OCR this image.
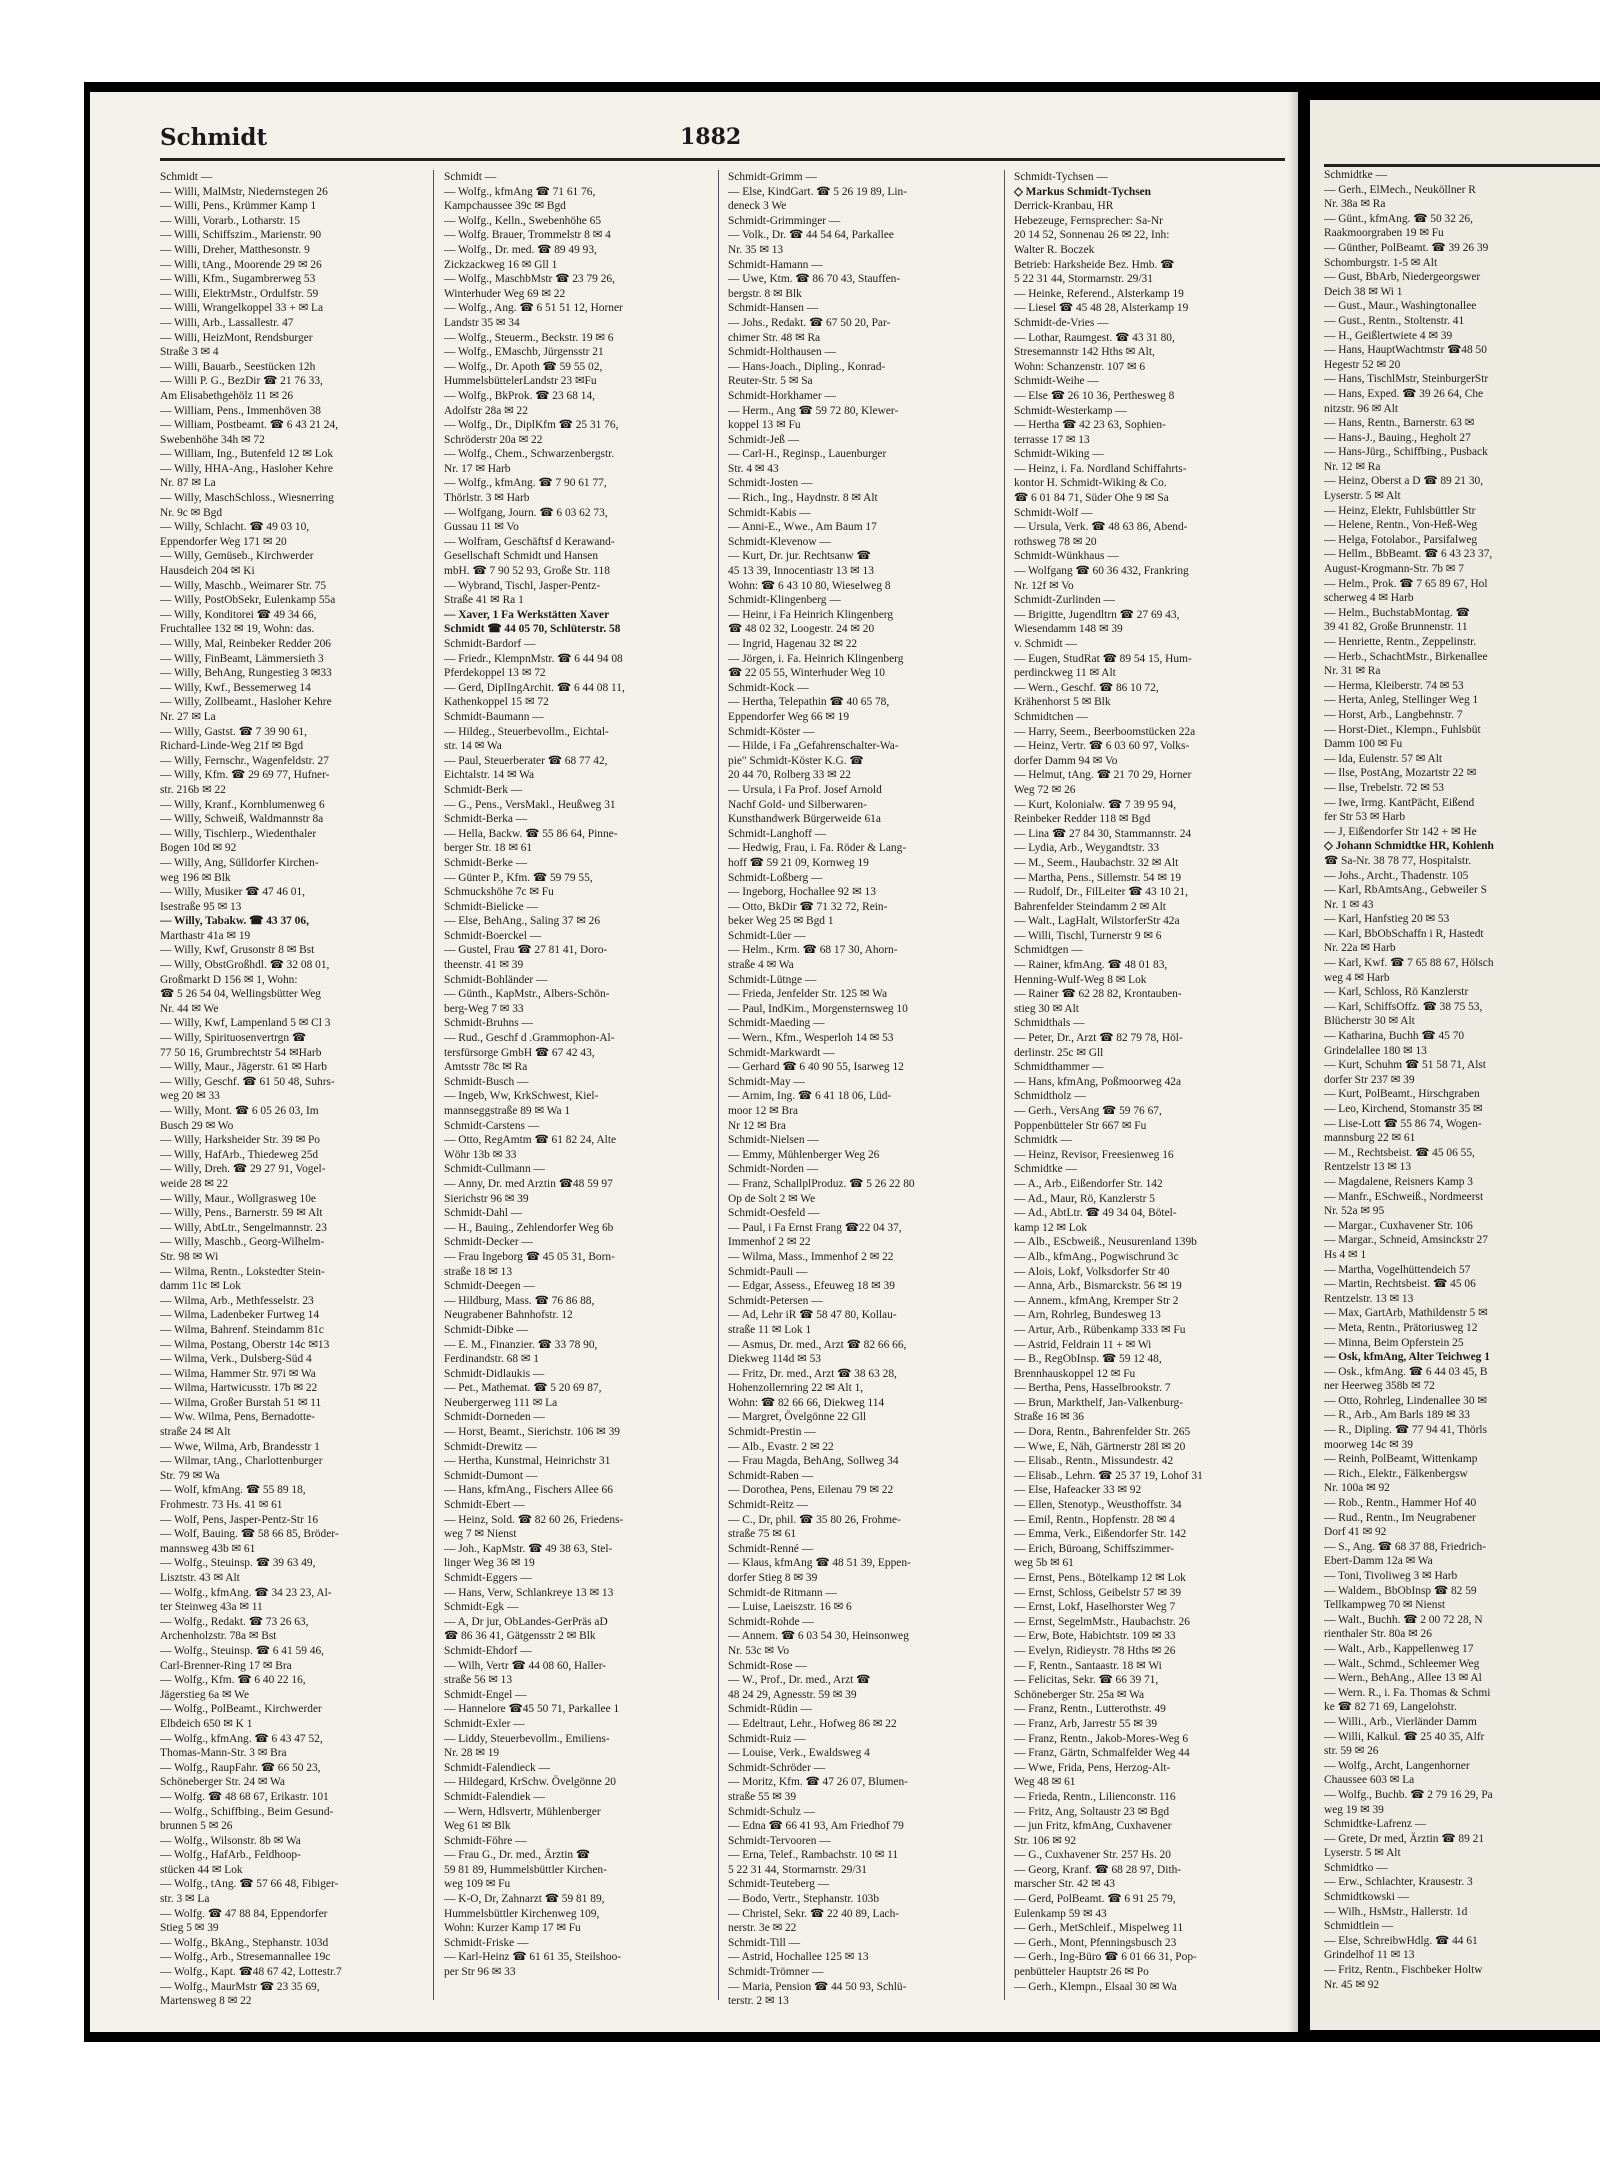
Schmidt	1882
Schmidt —
— Willi, MalMstr, Niedernstegen 26
— Willi, Pens., Krümmer Kamp 1
— Willi, Vorarb., Lotharstr. 15
— Willi, Schiffszim., Marienstr. 90
— Willi, Dreher, Matthesonstr. 9
— Willi, tAng., Moorende 29 ✉ 26
— Willi, Kfm., Sugambrerweg 53
— Willi, ElektrMstr., Ordulfstr. 59
— Willi, Wrangelkoppel 33 + ✉ La
— Willi, Arb., Lassallestr. 47
— Willi, HeizMont, Rendsburger
Straße 3 ✉ 4
— Willi, Bauarb., Seestücken 12h
— Willi P. G., BezDir ☎ 21 76 33,
Am Elisabethgehölz 11 ✉ 26
— William, Pens., Immenhöven 38
— William, Postbeamt. ☎ 6 43 21 24,
Swebenhöhe 34h ✉ 72
— William, Ing., Butenfeld 12 ✉ Lok
— Willy, HHA-Ang., Hasloher Kehre
Nr. 87 ✉ La
— Willy, MaschSchloss., Wiesnerring
Nr. 9c ✉ Bgd
— Willy, Schlacht. ☎ 49 03 10,
Eppendorfer Weg 171 ✉ 20
— Willy, Gemüseb., Kirchwerder
Hausdeich 204 ✉ Ki
— Willy, Maschb., Weimarer Str. 75
— Willy, PostObSekr, Eulenkamp 55a
— Willy, Konditorei ☎ 49 34 66,
Fruchtallee 132 ✉ 19, Wohn: das.
— Willy, Mal, Reinbeker Redder 206
— Willy, FinBeamt, Lämmersieth 3
— Willy, BehAng, Rungestieg 3 ✉33
— Willy, Kwf., Bessemerweg 14
— Willy, Zollbeamt., Hasloher Kehre
Nr. 27 ✉ La
— Willy, Gastst. ☎ 7 39 90 61,
Richard-Linde-Weg 21f ✉ Bgd
— Willy, Fernschr., Wagenfeldstr. 27
— Willy, Kfm. ☎ 29 69 77, Hufner-
str. 216b ✉ 22
— Willy, Kranf., Kornblumenweg 6
— Willy, Schweiß, Waldmannstr 8a
— Willy, Tischlerp., Wiedenthaler
Bogen 10d ✉ 92
— Willy, Ang, Sülldorfer Kirchen-
weg 196 ✉ Blk
— Willy, Musiker ☎ 47 46 01,
Isestraße 95 ✉ 13
— Willy, Tabakw. ☎ 43 37 06,
Marthastr 41a ✉ 19
— Willy, Kwf, Grusonstr 8 ✉ Bst
— Willy, ObstGroßhdl. ☎ 32 08 01,
Großmarkt D 156 ✉ 1, Wohn:
☎ 5 26 54 04, Wellingsbütter Weg
Nr. 44 ✉ We
— Willy, Kwf, Lampenland 5 ✉ Cl 3
— Willy, Spirituosenvertrgn ☎
77 50 16, Grumbrechtstr 54 ✉Harb
— Willy, Maur., Jägerstr. 61 ✉ Harb
— Willy, Geschf. ☎ 61 50 48, Suhrs-
weg 20 ✉ 33
— Willy, Mont. ☎ 6 05 26 03, Im
Busch 29 ✉ Wo
— Willy, Harksheider Str. 39 ✉ Po
— Willy, HafArb., Thiedeweg 25d
— Willy, Dreh. ☎ 29 27 91, Vogel-
weide 28 ✉ 22
— Willy, Maur., Wollgrasweg 10e
— Willy, Pens., Barnerstr. 59 ✉ Alt
— Willy, AbtLtr., Sengelmannstr. 23
— Willy, Maschb., Georg-Wilhelm-
Str. 98 ✉ Wi
— Wilma, Rentn., Lokstedter Stein-
damm 11c ✉ Lok
— Wilma, Arb., Methfesselstr. 23
— Wilma, Ladenbeker Furtweg 14
— Wilma, Bahrenf. Steindamm 81c
— Wilma, Postang, Oberstr 14c ✉13
— Wilma, Verk., Dulsberg-Süd 4
— Wilma, Hammer Str. 97i ✉ Wa
— Wilma, Hartwicusstr. 17b ✉ 22
— Wilma, Großer Burstah 51 ✉ 11
— Ww. Wilma, Pens, Bernadotte-
straße 24 ✉ Alt
— Wwe, Wilma, Arb, Brandesstr 1
— Wilmar, tAng., Charlottenburger
Str. 79 ✉ Wa
— Wolf, kfmAng. ☎ 55 89 18,
Frohmestr. 73 Hs. 41 ✉ 61
— Wolf, Pens, Jasper-Pentz-Str 16
— Wolf, Bauing. ☎ 58 66 85, Bröder-
mannsweg 43b ✉ 61
— Wolfg., Steuinsp. ☎ 39 63 49,
Lisztstr. 43 ✉ Alt
— Wolfg., kfmAng. ☎ 34 23 23, Al-
ter Steinweg 43a ✉ 11
— Wolfg., Redakt. ☎ 73 26 63,
Archenholzstr. 78a ✉ Bst
— Wolfg., Steuinsp. ☎ 6 41 59 46,
Carl-Brenner-Ring 17 ✉ Bra
— Wolfg., Kfm. ☎ 6 40 22 16,
Jägerstieg 6a ✉ We
— Wolfg., PolBeamt., Kirchwerder
Elbdeich 650 ✉ K 1
— Wolfg., kfmAng. ☎ 6 43 47 52,
Thomas-Mann-Str. 3 ✉ Bra
— Wolfg., RaupFahr. ☎ 66 50 23,
Schöneberger Str. 24 ✉ Wa
— Wolfg. ☎ 48 68 67, Erikastr. 101
— Wolfg., Schiffbing., Beim Gesund-
brunnen 5 ✉ 26
— Wolfg., Wilsonstr. 8b ✉ Wa
— Wolfg., HafArb., Feldhoop-
stücken 44 ✉ Lok
— Wolfg., tAng. ☎ 57 66 48, Fibiger-
str. 3 ✉ La
— Wolfg. ☎ 47 88 84, Eppendorfer
Stieg 5 ✉ 39
— Wolfg., BkAng., Stephanstr. 103d
— Wolfg., Arb., Stresemannallee 19c
— Wolfg., Kapt. ☎48 67 42, Lottestr.7
— Wolfg., MaurMstr ☎ 23 35 69,
Martensweg 8 ✉ 22
Schmidt —
— Wolfg., kfmAng ☎ 71 61 76,
Kampchaussee 39c ✉ Bgd
— Wolfg., Kelln., Swebenhöhe 65
— Wolfg. Brauer, Trommelstr 8 ✉ 4
— Wolfg., Dr. med. ☎ 89 49 93,
Zickzackweg 16 ✉ Gll 1
— Wolfg., MaschbMstr ☎ 23 79 26,
Winterhuder Weg 69 ✉ 22
— Wolfg., Ang. ☎ 6 51 51 12, Horner
Landstr 35 ✉ 34
— Wolfg., Steuerm., Beckstr. 19 ✉ 6
— Wolfg., EMaschb, Jürgensstr 21
— Wolfg., Dr. Apoth ☎ 59 55 02,
HummelsbüttelerLandstr 23 ✉Fu
— Wolfg., BkProk. ☎ 23 68 14,
Adolfstr 28a ✉ 22
— Wolfg., Dr., DiplKfm ☎ 25 31 76,
Schröderstr 20a ✉ 22
— Wolfg., Chem., Schwarzenbergstr.
Nr. 17 ✉ Harb
— Wolfg., kfmAng. ☎ 7 90 61 77,
Thörlstr. 3 ✉ Harb
— Wolfgang, Journ. ☎ 6 03 62 73,
Gussau 11 ✉ Vo
— Wolfram, Geschäftsf d Kerawand-
Gesellschaft Schmidt und Hansen
mbH. ☎ 7 90 52 93, Große Str. 118
— Wybrand, Tischl, Jasper-Pentz-
Straße 41 ✉ Ra 1
— Xaver, 1 Fa Werkstätten Xaver
Schmidt ☎ 44 05 70, Schlüterstr. 58
Schmidt-Bardorf —
— Friedr., KlempnMstr. ☎ 6 44 94 08
Pferdekoppel 13 ✉ 72
— Gerd, DiplIngArchit. ☎ 6 44 08 11,
Kathenkoppel 15 ✉ 72
Schmidt-Baumann —
— Hildeg., Steuerbevollm., Eichtal-
str. 14 ✉ Wa
— Paul, Steuerberater ☎ 68 77 42,
Eichtalstr. 14 ✉ Wa
Schmidt-Berk —
— G., Pens., VersMakl., Heußweg 31
Schmidt-Berka —
— Hella, Backw. ☎ 55 86 64, Pinne-
berger Str. 18 ✉ 61
Schmidt-Berke —
— Günter P., Kfm. ☎ 59 79 55,
Schmuckshöhe 7c ✉ Fu
Schmidt-Bielicke —
— Else, BehAng., Saling 37 ✉ 26
Schmidt-Boerckel —
— Gustel, Frau ☎ 27 81 41, Doro-
theenstr. 41 ✉ 39
Schmidt-Bohländer —
— Günth., KapMstr., Albers-Schön-
berg-Weg 7 ✉ 33
Schmidt-Bruhns —
— Rud., Geschf d .Grammophon-Al-
tersfürsorge GmbH ☎ 67 42 43,
Amtsstr 78c ✉ Ra
Schmidt-Busch —
— Ingeb, Ww, KrkSchwest, Kiel-
mannseggstraße 89 ✉ Wa 1
Schmidt-Carstens —
— Otto, RegAmtm ☎ 61 82 24, Alte
Wöhr 13b ✉ 33
Schmidt-Cullmann —
— Anny, Dr. med Arztin ☎48 59 97
Sierichstr 96 ✉ 39
Schmidt-Dahl —
— H., Bauing., Zehlendorfer Weg 6b
Schmidt-Decker —
— Frau Ingeborg ☎ 45 05 31, Born-
straße 18 ✉ 13
Schmidt-Deegen —
— Hildburg, Mass. ☎ 76 86 88,
Neugrabener Bahnhofstr. 12
Schmidt-Dibke —
— E. M., Finanzier. ☎ 33 78 90,
Ferdinandstr. 68 ✉ 1
Schmidt-Didlaukis —
— Pet., Mathemat. ☎ 5 20 69 87,
Neubergerweg 111 ✉ La
Schmidt-Dorneden —
— Horst, Beamt., Sierichstr. 106 ✉ 39
Schmidt-Drewitz —
— Hertha, Kunstmal, Heinrichstr 31
Schmidt-Dumont —
— Hans, kfmAng., Fischers Allee 66
Schmidt-Ebert —
— Heinz, Sold. ☎ 82 60 26, Friedens-
weg 7 ✉ Nienst
— Joh., KapMstr. ☎ 49 38 63, Stel-
linger Weg 36 ✉ 19
Schmidt-Eggers —
— Hans, Verw, Schlankreye 13 ✉ 13
Schmidt-Egk —
— A, Dr jur, ObLandes-GerPräs aD
☎ 86 36 41, Gätgensstr 2 ✉ Blk
Schmidt-Ehdorf —
— Wilh, Vertr ☎ 44 08 60, Haller-
straße 56 ✉ 13
Schmidt-Engel —
— Hannelore ☎45 50 71, Parkallee 1
Schmidt-Exler —
— Liddy, Steuerbevollm., Emiliens-
Nr. 28 ✉ 19
Schmidt-Falendieck —
— Hildegard, KrSchw. Övelgönne 20
Schmidt-Falendiek —
— Wern, Hdlsvertr, Mühlenberger
Weg 61 ✉ Blk
Schmidt-Föhre —
— Frau G., Dr. med., Ärztin ☎
59 81 89, Hummelsbüttler Kirchen-
weg 109 ✉ Fu
— K-O, Dr, Zahnarzt ☎ 59 81 89,
Hummelsbüttler Kirchenweg 109,
Wohn: Kurzer Kamp 17 ✉ Fu
Schmidt-Friske —
— Karl-Heinz ☎ 61 61 35, Steilshoo-
per Str 96 ✉ 33
Schmidt-Grimm —
— Else, KindGart. ☎ 5 26 19 89, Lin-
deneck 3 We
Schmidt-Grimminger —
— Volk., Dr. ☎ 44 54 64, Parkallee
Nr. 35 ✉ 13
Schmidt-Hamann —
— Uwe, Ktm. ☎ 86 70 43, Stauffen-
bergstr. 8 ✉ Blk
Schmidt-Hansen —
— Johs., Redakt. ☎ 67 50 20, Par-
chimer Str. 48 ✉ Ra
Schmidt-Holthausen —
— Hans-Joach., Dipling., Konrad-
Reuter-Str. 5 ✉ Sa
Schmidt-Horkhamer —
— Herm., Ang ☎ 59 72 80, Klewer-
koppel 13 ✉ Fu
Schmidt-Jeß —
— Carl-H., Reginsp., Lauenburger
Str. 4 ✉ 43
Schmidt-Josten —
— Rich., Ing., Haydnstr. 8 ✉ Alt
Schmidt-Kabis —
— Anni-E., Wwe., Am Baum 17
Schmidt-Klevenow —
— Kurt, Dr. jur. Rechtsanw ☎
45 13 39, Innocentiastr 13 ✉ 13
Wohn: ☎ 6 43 10 80, Wieselweg 8
Schmidt-Klingenberg —
— Heinr, i Fa Heinrich Klingenberg
☎ 48 02 32, Loogestr. 24 ✉ 20
— Ingrid, Hagenau 32 ✉ 22
— Jörgen, i. Fa. Heinrich Klingenberg
☎ 22 05 55, Winterhuder Weg 10
Schmidt-Kock —
— Hertha, Telepathin ☎ 40 65 78,
Eppendorfer Weg 66 ✉ 19
Schmidt-Köster —
— Hilde, i Fa „Gefahrenschalter-Wa-
pie" Schmidt-Köster K.G. ☎
20 44 70, Rolberg 33 ✉ 22
— Ursula, i Fa Prof. Josef Arnold
Nachf Gold- und Silberwaren-
Kunsthandwerk Bürgerweide 61a
Schmidt-Langhoff —
— Hedwig, Frau, i. Fa. Röder & Lang-
hoff ☎ 59 21 09, Kornweg 19
Schmidt-Loßberg —
— Ingeborg, Hochallee 92 ✉ 13
— Otto, BkDir ☎ 71 32 72, Rein-
beker Weg 25 ✉ Bgd 1
Schmidt-Lüer —
— Helm., Krm. ☎ 68 17 30, Ahorn-
straße 4 ✉ Wa
Schmidt-Lütnge —
— Frieda, Jenfelder Str. 125 ✉ Wa
— Paul, IndKim., Morgensternsweg 10
Schmidt-Maeding —
— Wern., Kfm., Wesperloh 14 ✉ 53
Schmidt-Markwardt —
— Gerhard ☎ 6 40 90 55, Isarweg 12
Schmidt-May —
— Arnim, Ing. ☎ 6 41 18 06, Lüd-
moor 12 ✉ Bra
Nr 12 ✉ Bra
Schmidt-Nielsen —
— Emmy, Mühlenberger Weg 26
Schmidt-Norden —
— Franz, SchallplProduz. ☎ 5 26 22 80
Op de Solt 2 ✉ We
Schmidt-Oesfeld —
— Paul, i Fa Ernst Frang ☎22 04 37,
Immenhof 2 ✉ 22
— Wilma, Mass., Immenhof 2 ✉ 22
Schmidt-Pauli —
— Edgar, Assess., Efeuweg 18 ✉ 39
Schmidt-Petersen —
— Ad, Lehr iR ☎ 58 47 80, Kollau-
straße 11 ✉ Lok 1
— Asmus, Dr. med., Arzt ☎ 82 66 66,
Diekweg 114d ✉ 53
— Fritz, Dr. med., Arzt ☎ 38 63 28,
Hohenzollernring 22 ✉ Alt 1,
Wohn: ☎ 82 66 66, Diekweg 114
— Margret, Övelgönne 22 Gll
Schmidt-Prestin —
— Alb., Evastr. 2 ✉ 22
— Frau Magda, BehAng, Sollweg 34
Schmidt-Raben —
— Dorothea, Pens, Eilenau 79 ✉ 22
Schmidt-Reitz —
— C., Dr, phil. ☎ 35 80 26, Frohme-
straße 75 ✉ 61
Schmidt-Renné —
— Klaus, kfmAng ☎ 48 51 39, Eppen-
dorfer Stieg 8 ✉ 39
Schmidt-de Ritmann —
— Luise, Laeiszstr. 16 ✉ 6
Schmidt-Rohde —
— Annem. ☎ 6 03 54 30, Heinsonweg
Nr. 53c ✉ Vo
Schmidt-Rose —
— W., Prof., Dr. med., Arzt ☎
48 24 29, Agnesstr. 59 ✉ 39
Schmidt-Rüdin —
— Edeltraut, Lehr., Hofweg 86 ✉ 22
Schmidt-Ruiz —
— Louise, Verk., Ewaldsweg 4
Schmidt-Schröder —
— Moritz, Kfm. ☎ 47 26 07, Blumen-
straße 55 ✉ 39
Schmidt-Schulz —
— Edna ☎ 66 41 93, Am Friedhof 79
Schmidt-Tervooren —
— Erna, Telef., Rambachstr. 10 ✉ 11
5 22 31 44, Stormarnstr. 29/31
Schmidt-Teuteberg —
— Bodo, Vertr., Stephanstr. 103b
— Christel, Sekr. ☎ 22 40 89, Lach-
nerstr. 3e ✉ 22
Schmidt-Till —
— Astrid, Hochallee 125 ✉ 13
Schmidt-Trömner —
— Maria, Pension ☎ 44 50 93, Schlü-
terstr. 2 ✉ 13
Schmidt-Tychsen —
◇ Markus Schmidt-Tychsen
Derrick-Kranbau, HR
Hebezeuge, Fernsprecher: Sa-Nr
20 14 52, Sonnenau 26 ✉ 22, Inh:
Walter R. Boczek
Betrieb: Harksheide Bez. Hmb. ☎
5 22 31 44, Stormarnstr. 29/31
— Heinke, Referend., Alsterkamp 19
— Liesel ☎ 45 48 28, Alsterkamp 19
Schmidt-de-Vries —
— Lothar, Raumgest. ☎ 43 31 80,
Stresemannstr 142 Hths ✉ Alt,
Wohn: Schanzenstr. 107 ✉ 6
Schmidt-Weihe —
— Else ☎ 26 10 36, Perthesweg 8
Schmidt-Westerkamp —
— Hertha ☎ 42 23 63, Sophien-
terrasse 17 ✉ 13
Schmidt-Wiking —
— Heinz, i. Fa. Nordland Schiffahrts-
kontor H. Schmidt-Wiking & Co.
☎ 6 01 84 71, Süder Ohe 9 ✉ Sa
Schmidt-Wolf —
— Ursula, Verk. ☎ 48 63 86, Abend-
rothsweg 78 ✉ 20
Schmidt-Wünkhaus —
— Wolfgang ☎ 60 36 432, Frankring
Nr. 12f ✉ Vo
Schmidt-Zurlinden —
— Brigitte, Jugendltrn ☎ 27 69 43,
Wiesendamm 148 ✉ 39
v. Schmidt —
— Eugen, StudRat ☎ 89 54 15, Hum-
perdinckweg 11 ✉ Alt
— Wern., Geschf. ☎ 86 10 72,
Krähenhorst 5 ✉ Blk
Schmidtchen —
— Harry, Seem., Beerboomstücken 22a
— Heinz, Vertr. ☎ 6 03 60 97, Volks-
dorfer Damm 94 ✉ Vo
— Helmut, tAng. ☎ 21 70 29, Horner
Weg 72 ✉ 26
— Kurt, Kolonialw. ☎ 7 39 95 94,
Reinbeker Redder 118 ✉ Bgd
— Lina ☎ 27 84 30, Stammannstr. 24
— Lydia, Arb., Weygandtstr. 33
— M., Seem., Haubachstr. 32 ✉ Alt
— Martha, Pens., Sillemstr. 54 ✉ 19
— Rudolf, Dr., FilLeiter ☎ 43 10 21,
Bahrenfelder Steindamm 2 ✉ Alt
— Walt., LagHalt, WilstorferStr 42a
— Willi, Tischl, Turnerstr 9 ✉ 6
Schmidtgen —
— Rainer, kfmAng. ☎ 48 01 83,
Henning-Wulf-Weg 8 ✉ Lok
— Rainer ☎ 62 28 82, Krontauben-
stieg 30 ✉ Alt
Schmidthals —
— Peter, Dr., Arzt ☎ 82 79 78, Höl-
derlinstr. 25c ✉ Gll
Schmidthammer —
— Hans, kfmAng, Poßmoorweg 42a
Schmidtholz —
— Gerh., VersAng ☎ 59 76 67,
Poppenbütteler Str 667 ✉ Fu
Schmidtk —
— Heinz, Revisor, Freesienweg 16
Schmidtke —
— A., Arb., Eißendorfer Str. 142
— Ad., Maur, Rö, Kanzlerstr 5
— Ad., AbtLtr. ☎ 49 34 04, Bötel-
kamp 12 ✉ Lok
— Alb., EScbweiß., Neusurenland 139b
— Alb., kfmAng., Pogwischrund 3c
— Alois, Lokf, Volksdorfer Str 40
— Anna, Arb., Bismarckstr. 56 ✉ 19
— Annem., kfmAng, Kremper Str 2
— Arn, Rohrleg, Bundesweg 13
— Artur, Arb., Rübenkamp 333 ✉ Fu
— Astrid, Feldrain 11 + ✉ Wi
— B., RegObInsp. ☎ 59 12 48,
Brennhauskoppel 12 ✉ Fu
— Bertha, Pens, Hasselbrookstr. 7
— Brun, Markthelf, Jan-Valkenburg-
Straße 16 ✉ 36
— Dora, Rentn., Bahrenfelder Str. 265
— Wwe, E, Näh, Gärtnerstr 28l ✉ 20
— Elisab., Rentn., Missundestr. 42
— Elisab., Lehrn. ☎ 25 37 19, Lohof 31
— Else, Hafeacker 33 ✉ 92
— Ellen, Stenotyp., Weusthoffstr. 34
— Emil, Rentn., Hopfenstr. 28 ✉ 4
— Emma, Verk., Eißendorfer Str. 142
— Erich, Büroang, Schiffszimmer-
weg 5b ✉ 61
— Ernst, Pens., Bötelkamp 12 ✉ Lok
— Ernst, Schloss, Geibelstr 57 ✉ 39
— Ernst, Lokf, Haselhorster Weg 7
— Ernst, SegelmMstr., Haubachstr. 26
— Erw, Bote, Habichtstr. 109 ✉ 33
— Evelyn, Ridieystr. 78 Hths ✉ 26
— F, Rentn., Santaastr. 18 ✉ Wi
— Felicitas, Sekr. ☎ 66 39 71,
Schöneberger Str. 25a ✉ Wa
— Franz, Rentn., Lutterothstr. 49
— Franz, Arb, Jarrestr 55 ✉ 39
— Franz, Rentn., Jakob-Mores-Weg 6
— Franz, Gärtn, Schmalfelder Weg 44
— Wwe, Frida, Pens, Herzog-Alt-
Weg 48 ✉ 61
— Frieda, Rentn., Lilienconstr. 116
— Fritz, Ang, Soltaustr 23 ✉ Bgd
— jun Fritz, kfmAng, Cuxhavener
Str. 106 ✉ 92
— G., Cuxhavener Str. 257 Hs. 20
— Georg, Kranf. ☎ 68 28 97, Dith-
marscher Str. 42 ✉ 43
— Gerd, PolBeamt. ☎ 6 91 25 79,
Eulenkamp 59 ✉ 43
— Gerh., MetSchleif., Mispelweg 11
— Gerh., Mont, Pfenningsbusch 23
— Gerh., Ing-Büro ☎ 6 01 66 31, Pop-
penbütteler Hauptstr 26 ✉ Po
— Gerh., Klempn., Elsaal 30 ✉ Wa
Schmidtke —
— Gerh., ElMech., Neuköllner R
Nr. 38a ✉ Ra
— Günt., kfmAng. ☎ 50 32 26,
Raakmoorgraben 19 ✉ Fu
— Günther, PolBeamt. ☎ 39 26 39
Schomburgstr. 1-5 ✉ Alt
— Gust, BbArb, Niedergeorgswer
Deich 38 ✉ Wi 1
— Gust., Maur., Washingtonallee
— Gust., Rentn., Stoltenstr. 41
— H., Geißlertwiete 4 ✉ 39
— Hans, HauptWachtmstr ☎48 50
Hegestr 52 ✉ 20
— Hans, TischlMstr, SteinburgerStr
— Hans, Exped. ☎ 39 26 64, Che
nitzstr. 96 ✉ Alt
— Hans, Rentn., Barnerstr. 63 ✉
— Hans-J., Bauing., Hegholt 27
— Hans-Jürg., Schiffbing., Pusback
Nr. 12 ✉ Ra
— Heinz, Oberst a D ☎ 89 21 30,
Lyserstr. 5 ✉ Alt
— Heinz, Elektr, Fuhlsbüttler Str
— Helene, Rentn., Von-Heß-Weg
— Helga, Fotolabor., Parsifalweg
— Hellm., BbBeamt. ☎ 6 43 23 37,
August-Krogmann-Str. 7b ✉ 7
— Helm., Prok. ☎ 7 65 89 67, Hol
scherweg 4 ✉ Harb
— Helm., BuchstabMontag. ☎
39 41 82, Große Brunnenstr. 11
— Henriette, Rentn., Zeppelinstr.
— Herb., SchachtMstr., Birkenallee
Nr. 31 ✉ Ra
— Herma, Kleiberstr. 74 ✉ 53
— Herta, Anleg, Stellinger Weg 1
— Horst, Arb., Langbehnstr. 7
— Horst-Diet., Klempn., Fuhlsbüt
Damm 100 ✉ Fu
— Ida, Eulenstr. 57 ✉ Alt
— Ilse, PostAng, Mozartstr 22 ✉
— Ilse, Trebelstr. 72 ✉ 53
— Iwe, Irmg. KantPächt, Eißend
fer Str 53 ✉ Harb
— J, Eißendorfer Str 142 + ✉ He
◇ Johann Schmidtke HR, Kohlenh
☎ Sa-Nr. 38 78 77, Hospitalstr.
— Johs., Archt., Thadenstr. 105
— Karl, RbAmtsAng., Gebweiler S
Nr. 1 ✉ 43
— Karl, Hanfstieg 20 ✉ 53
— Karl, BbObSchaffn i R, Hastedt
Nr. 22a ✉ Harb
— Karl, Kwf. ☎ 7 65 88 67, Hölsch
weg 4 ✉ Harb
— Karl, Schloss, Rö Kanzlerstr
— Karl, SchiffsOffz. ☎ 38 75 53,
Blücherstr 30 ✉ Alt
— Katharina, Buchh ☎ 45 70
Grindelallee 180 ✉ 13
— Kurt, Schuhm ☎ 51 58 71, Alst
dorfer Str 237 ✉ 39
— Kurt, PolBeamt., Hirschgraben
— Leo, Kirchend, Stomanstr 35 ✉
— Lise-Lott ☎ 55 86 74, Wogen-
mannsburg 22 ✉ 61
— M., Rechtsbeist. ☎ 45 06 55,
Rentzelstr 13 ✉ 13
— Magdalene, Reisners Kamp 3
— Manfr., ESchweiß., Nordmeerst
Nr. 52a ✉ 95
— Margar., Cuxhavener Str. 106
— Margar., Schneid, Amsinckstr 27
Hs 4 ✉ 1
— Martha, Vogelhüttendeich 57
— Martin, Rechtsbeist. ☎ 45 06
Rentzelstr. 13 ✉ 13
— Max, GartArb, Mathildenstr 5 ✉
— Meta, Rentn., Prätoriusweg 12
— Minna, Beim Opferstein 25
— Osk, kfmAng, Alter Teichweg 1
— Osk., kfmAng. ☎ 6 44 03 45, B
ner Heerweg 358b ✉ 72
— Otto, Rohrleg, Lindenallee 30 ✉
— R., Arb., Am Barls 189 ✉ 33
— R., Dipling. ☎ 77 94 41, Thörls
moorweg 14c ✉ 39
— Reinh, PolBeamt, Wittenkamp
— Rich., Elektr., Fälkenbergsw
Nr. 100a ✉ 92
— Rob., Rentn., Hammer Hof 40
— Rud., Rentn., Im Neugrabener
Dorf 41 ✉ 92
— S., Ang. ☎ 68 37 88, Friedrich-
Ebert-Damm 12a ✉ Wa
— Toni, Tivoliweg 3 ✉ Harb
— Waldem., BbObInsp ☎ 82 59
Tellkampweg 70 ✉ Nienst
— Walt., Buchh. ☎ 2 00 72 28, N
rienthaler Str. 80a ✉ 26
— Walt., Arb., Kappellenweg 17
— Walt., Schmd., Schleemer Weg
— Wern., BehAng., Allee 13 ✉ Al
— Wern. R., i. Fa. Thomas & Schmi
ke ☎ 82 71 69, Langelohstr.
— Willi., Arb., Vierländer Damm
— Willi, Kalkul. ☎ 25 40 35, Alfr
str. 59 ✉ 26
— Wolfg., Archt, Langenhorner
Chaussee 603 ✉ La
— Wolfg., Buchb. ☎ 2 79 16 29, Pa
weg 19 ✉ 39
Schmidtke-Lafrenz —
— Grete, Dr med, Ärztin ☎ 89 21
Lyserstr. 5 ✉ Alt
Schmidtko —
— Erw., Schlachter, Krausestr. 3
Schmidtkowski —
— Wilh., HsMstr., Hallerstr. 1d
Schmidtlein —
— Else, SchreibwHdlg. ☎ 44 61
Grindelhof 11 ✉ 13
— Fritz, Rentn., Fischbeker Holtw
Nr. 45 ✉ 92
